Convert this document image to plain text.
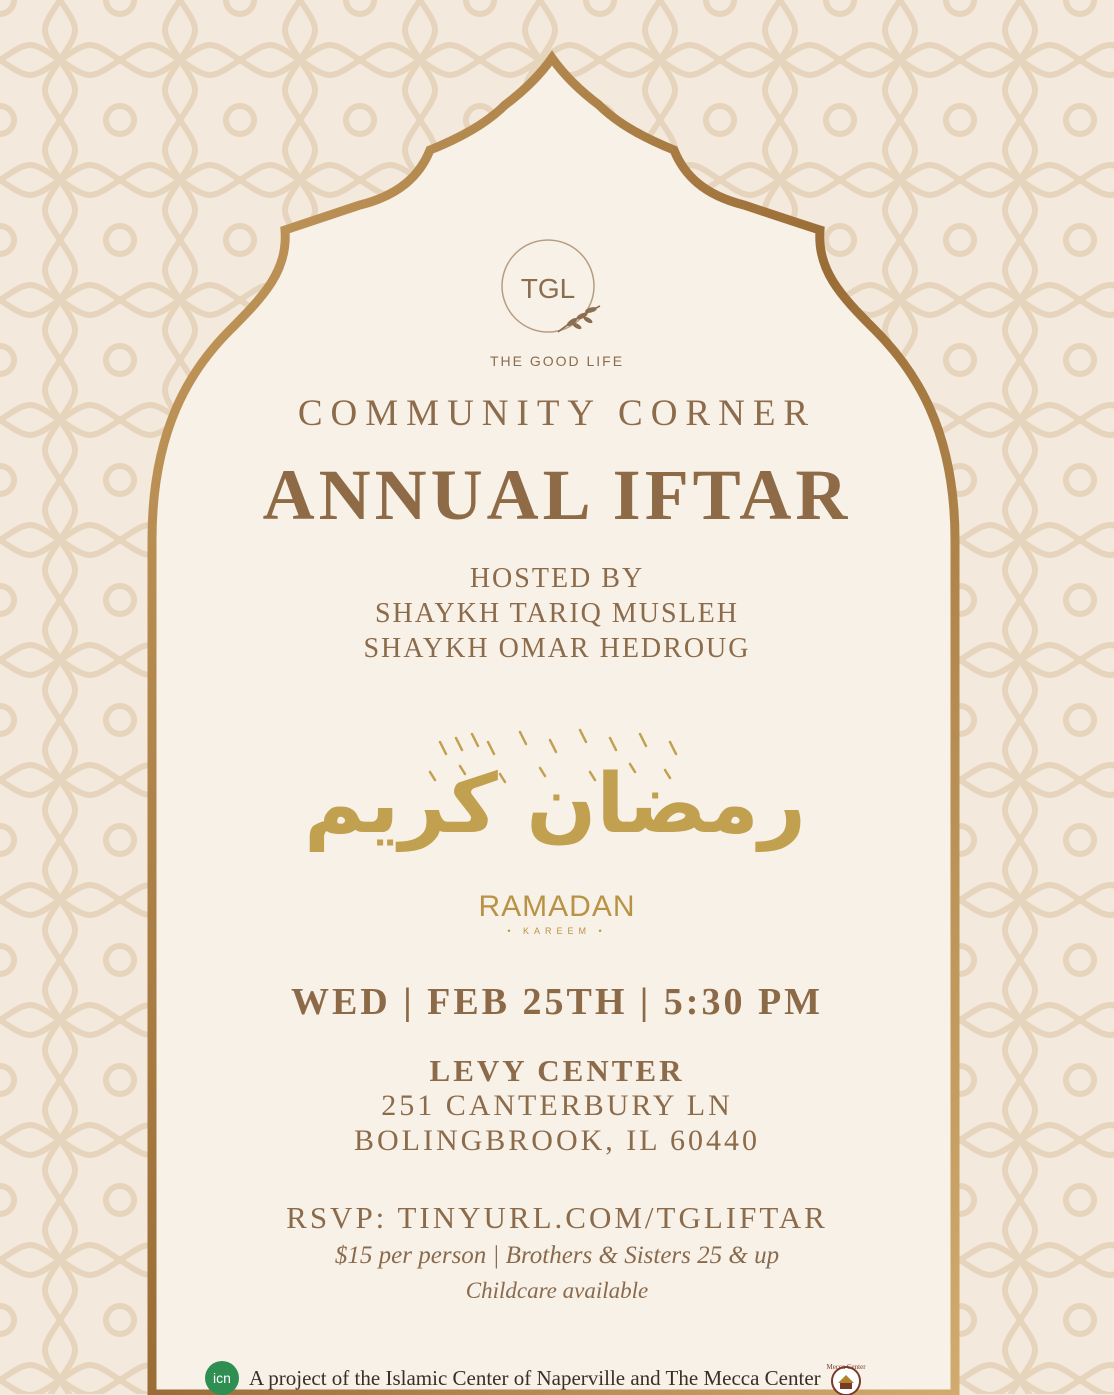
TGL

THE GOOD LIFE

COMMUNITY CORNER

ANNUAL IFTAR

HOSTED BY

SHAYKH TARIQ MUSLEH

SHAYKH OMAR HEDROUG

رمضان كريم

RAMADAN

• KAREEM •

WED | FEB 25TH | 5:30 PM

LEVY CENTER

251 CANTERBURY LN

BOLINGBROOK, IL 60440

RSVP: TINYURL.COM/TGLIFTAR

$15 per person | Brothers & Sisters 25 & up

Childcare available

icn A project of the Islamic Center of Naperville and The Mecca Center Mecca Center
